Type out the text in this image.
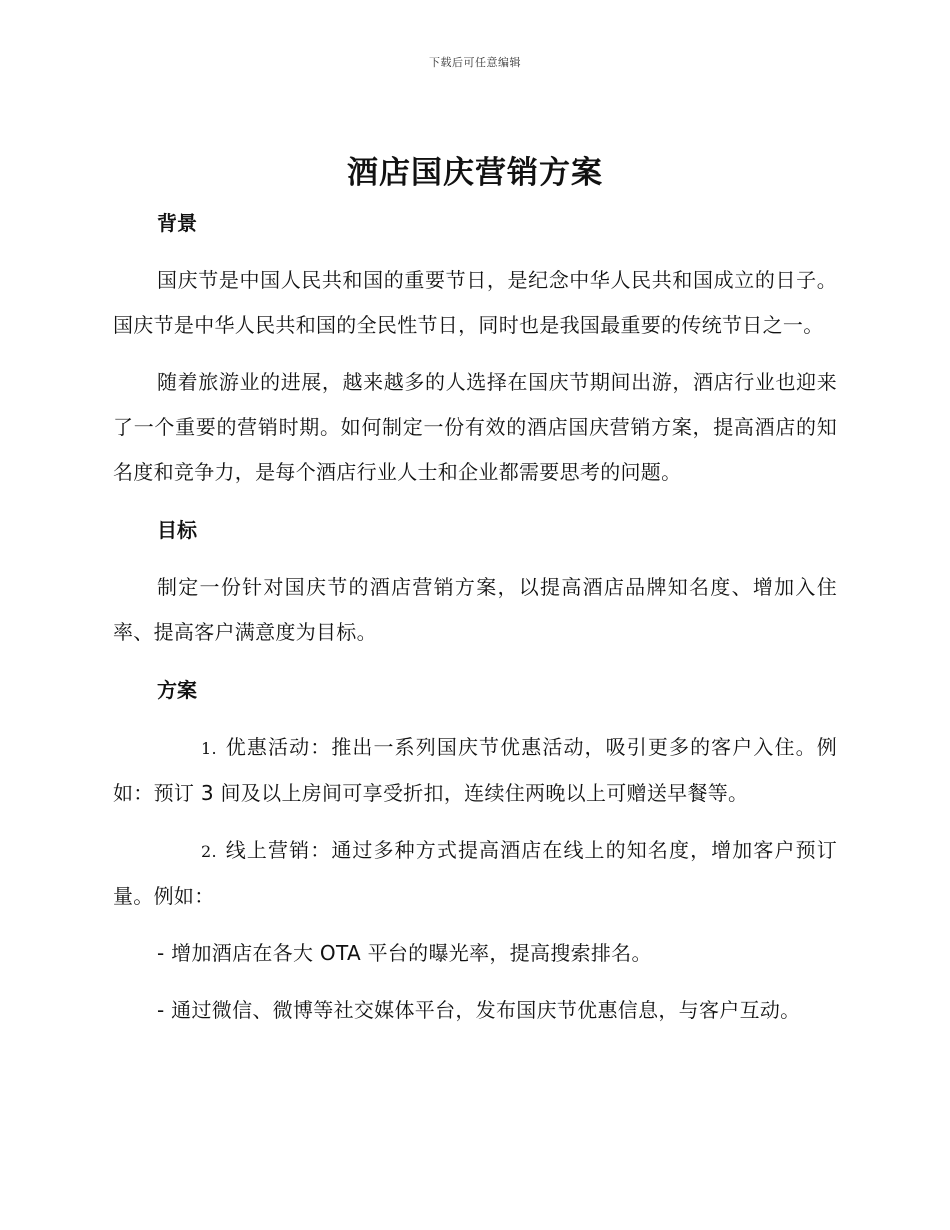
下载后可任意编辑
酒店国庆营销方案
背景

国庆节是中国人民共和国的重要节日，是纪念中华人民共和国成立的日子。国庆节是中华人民共和国的全民性节日，同时也是我国最重要的传统节日之一。

随着旅游业的进展，越来越多的人选择在国庆节期间出游，酒店行业也迎来了一个重要的营销时期。如何制定一份有效的酒店国庆营销方案，提高酒店的知名度和竞争力，是每个酒店行业人士和企业都需要思考的问题。

目标

制定一份针对国庆节的酒店营销方案，以提高酒店品牌知名度、增加入住率、提高客户满意度为目标。

方案

1. 优惠活动：推出一系列国庆节优惠活动，吸引更多的客户入住。例如：预订 3 间及以上房间可享受折扣，连续住两晚以上可赠送早餐等。

2. 线上营销：通过多种方式提高酒店在线上的知名度，增加客户预订量。例如：

- 增加酒店在各大 OTA 平台的曝光率，提高搜索排名。

- 通过微信、微博等社交媒体平台，发布国庆节优惠信息，与客户互动。
